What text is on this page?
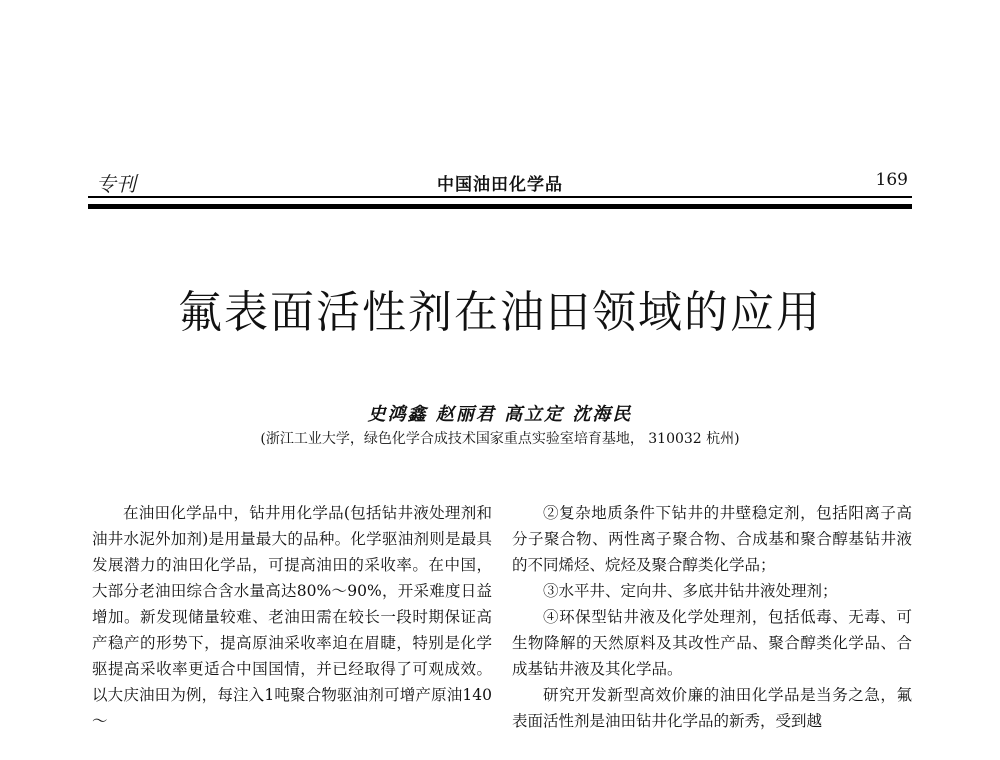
专刊	中国油田化学品	169
氟表面活性剂在油田领域的应用
史鸿鑫 赵丽君 高立定 沈海民
(浙江工业大学，绿色化学合成技术国家重点实验室培育基地， 310032 杭州)

在油田化学品中，钻井用化学品(包括钻井液处理剂和油井水泥外加剂)是用量最大的品种。化学驱油剂则是最具发展潜力的油田化学品，可提高油田的采收率。在中国，大部分老油田综合含水量高达80%～90%，开采难度日益增加。新发现储量较难、老油田需在较长一段时期保证高产稳产的形势下，提高原油采收率迫在眉睫，特别是化学驱提高采收率更适合中国国情，并已经取得了可观成效。以大庆油田为例，每注入1吨聚合物驱油剂可增产原油140 ～

②复杂地质条件下钻井的井壁稳定剂，包括阳离子高分子聚合物、两性离子聚合物、合成基和聚合醇基钻井液的不同烯烃、烷烃及聚合醇类化学品；

③水平井、定向井、多底井钻井液处理剂；

④环保型钻井液及化学处理剂，包括低毒、无毒、可生物降解的天然原料及其改性产品、聚合醇类化学品、合成基钻井液及其化学品。

研究开发新型高效价廉的油田化学品是当务之急，氟表面活性剂是油田钻井化学品的新秀，受到越
